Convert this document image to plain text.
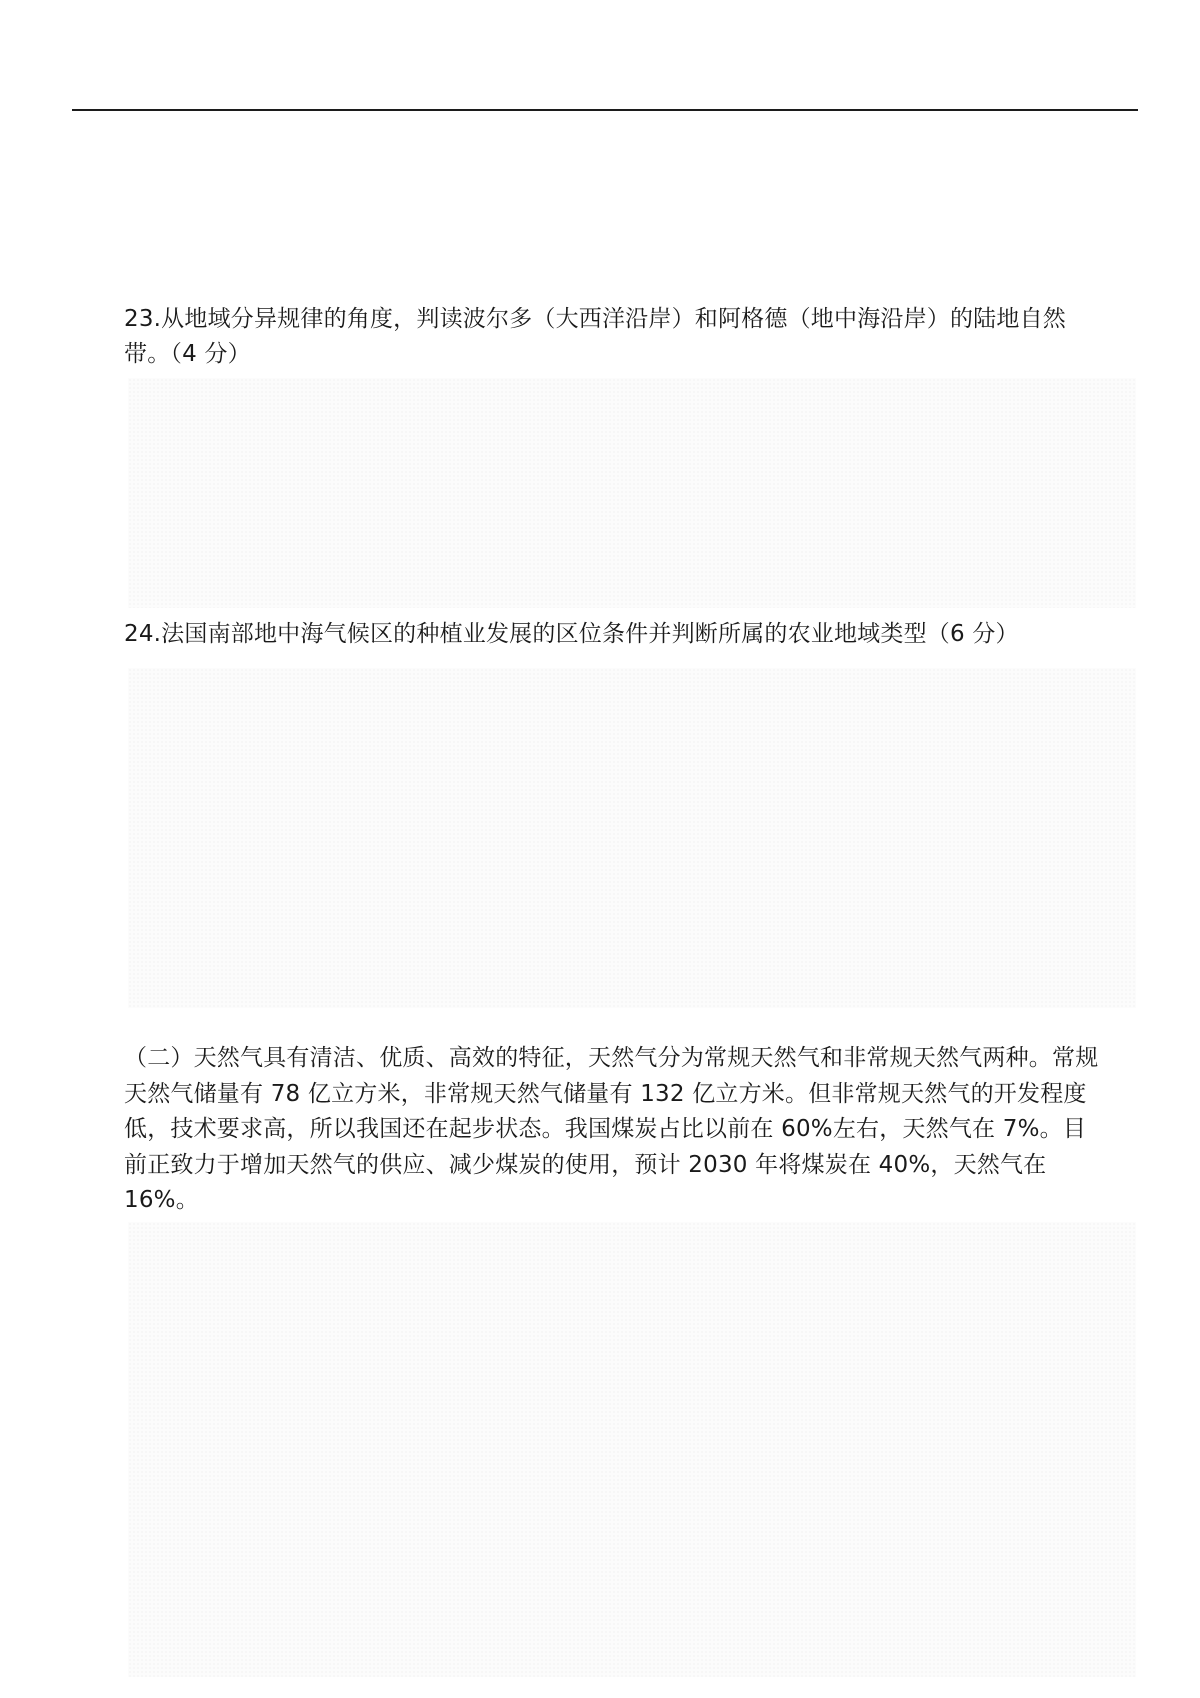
23.从地域分异规律的角度，判读波尔多（大西洋沿岸）和阿格德（地中海沿岸）的陆地自然带。（4 分）

24.法国南部地中海气候区的种植业发展的区位条件并判断所属的农业地域类型（6 分）

（二）天然气具有清洁、优质、高效的特征，天然气分为常规天然气和非常规天然气两种。常规天然气储量有 78 亿立方米，非常规天然气储量有 132 亿立方米。但非常规天然气的开发程度低，技术要求高，所以我国还在起步状态。我国煤炭占比以前在 60%左右，天然气在 7%。目前正致力于增加天然气的供应、减少煤炭的使用，预计 2030 年将煤炭在 40%，天然气在 16%。
